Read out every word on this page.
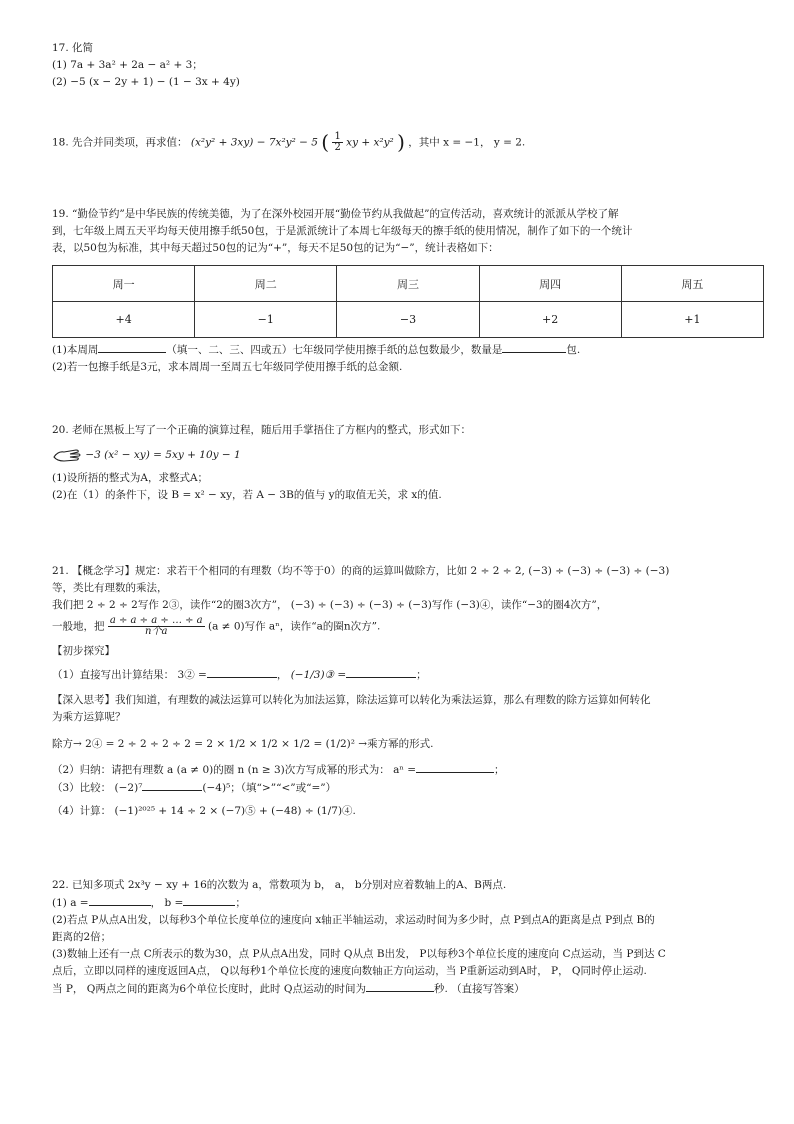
17. 化简
(1) 7a + 3a² + 2a − a² + 3；
(2) −5 (x − 2y + 1) − (1 − 3x + 4y)
18. 先合并同类项，再求值： (x²y² + 3xy) − 7x²y² − 5 ( $\frac{1}{2}$ xy + x²y² ) ，其中 x = −1， y = 2.
19. “勤俭节约”是中华民族的传统美德，为了在深外校园开展“勤俭节约从我做起”的宣传活动，喜欢统计的派派从学校了解
到，七年级上周五天平均每天使用擦手纸50包，于是派派统计了本周七年级每天的擦手纸的使用情况，制作了如下的一个统计
表，以50包为标准，其中每天超过50包的记为“+”，每天不足50包的记为“−”，统计表格如下：
周一	周二	周三	周四	周五
+4	−1	−3	+2	+1
(1)本周周	（填一、二、三、四或五）七年级同学使用擦手纸的总包数最少，数量是	包.
(2)若一包擦手纸是3元，求本周周一至周五七年级同学使用擦手纸的总金额.
20. 老师在黑板上写了一个正确的演算过程，随后用手掌捂住了方框内的整式，形式如下：
−3 (x² − xy) = 5xy + 10y − 1
(1)设所捂的整式为A，求整式A；
(2)在（1）的条件下，设 B = x² − xy，若 A − 3B的值与 y的取值无关，求 x的值.
21. 【概念学习】规定：求若干个相同的有理数（均不等于0）的商的运算叫做除方，比如 2 ÷ 2 ÷ 2, (−3) ÷ (−3) ÷ (−3) ÷ (−3)
等，类比有理数的乘法，
我们把 2 ÷ 2 ÷ 2写作 2③，读作“2的圈3次方”， (−3) ÷ (−3) ÷ (−3) ÷ (−3)写作 (−3)④，读作“−3的圈4次方”，
一般地，把 $\frac{a \div a \div a \div \dots \div a}{\text{n个a}} (a \ne 0)$写作 aⁿ，读作“a的圈n次方”.
【初步探究】
（1）直接写出计算结果： 3② =	， (−1/3)③ =	；
【深入思考】我们知道，有理数的减法运算可以转化为加法运算，除法运算可以转化为乘法运算，那么有理数的除方运算如何转化
为乘方运算呢？
除方→ 2④ = 2 ÷ 2 ÷ 2 ÷ 2 = 2 × 1/2 × 1/2 × 1/2 = (1/2)² →乘方幂的形式.
（2）归纳：请把有理数 a (a ≠ 0)的圈 n (n ≥ 3)次方写成幂的形式为： aⁿ =	；
（3）比较： (−2)⁷	(−4)⁵；（填“>”“<”或“=”）
（4）计算： (−1)²⁰²⁵ + 14 ÷ 2 × (−7)⑤ + (−48) ÷ (1/7)④.
22. 已知多项式 2x³y − xy + 16的次数为 a，常数项为 b， a， b分别对应着数轴上的A、B两点.
(1) a =	， b =	；
(2)若点 P从点A出发，以每秒3个单位长度单位的速度向 x轴正半轴运动，求运动时间为多少时，点 P到点A的距离是点 P到点 B的
距离的2倍；
(3)数轴上还有一点 C所表示的数为30，点 P从点A出发，同时 Q从点 B出发， P以每秒3个单位长度的速度向 C点运动，当 P到达 C
点后，立即以同样的速度返回A点， Q以每秒1个单位长度的速度向数轴正方向运动，当 P重新运动到A时， P， Q同时停止运动.
当 P， Q两点之间的距离为6个单位长度时，此时 Q点运动的时间为	秒. （直接写答案）
